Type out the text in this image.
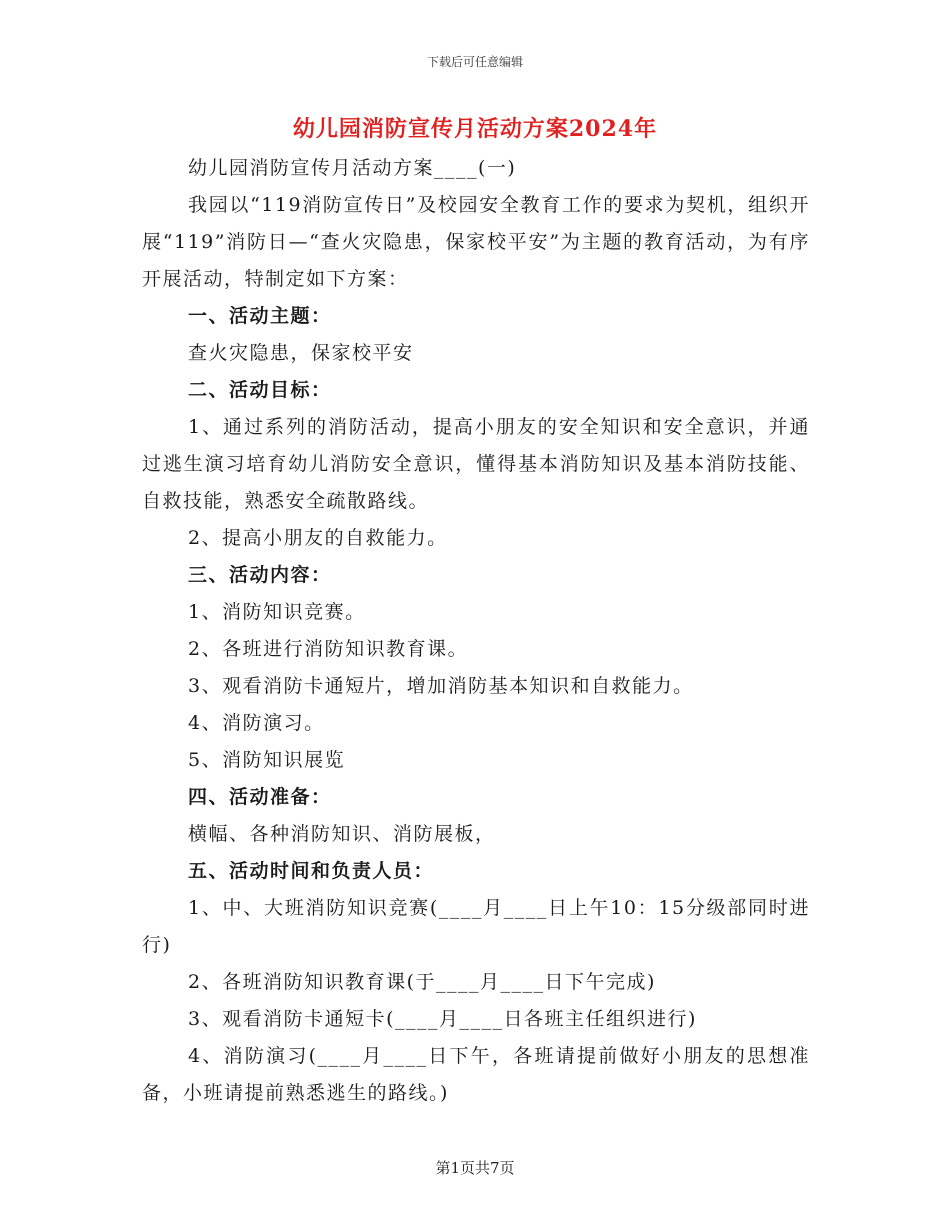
下载后可任意编辑
幼儿园消防宣传月活动方案2024年

幼儿园消防宣传月活动方案____(一)

我园以“119消防宣传日”及校园安全教育工作的要求为契机，组织开展“119”消防日—“查火灾隐患，保家校平安”为主题的教育活动，为有序开展活动，特制定如下方案：

一、活动主题：

查火灾隐患，保家校平安

二、活动目标：

1、通过系列的消防活动，提高小朋友的安全知识和安全意识，并通过逃生演习培育幼儿消防安全意识，懂得基本消防知识及基本消防技能、自救技能，熟悉安全疏散路线。

2、提高小朋友的自救能力。

三、活动内容：

1、消防知识竞赛。

2、各班进行消防知识教育课。

3、观看消防卡通短片，增加消防基本知识和自救能力。

4、消防演习。

5、消防知识展览

四、活动准备：

横幅、各种消防知识、消防展板，

五、活动时间和负责人员：

1、中、大班消防知识竞赛(____月____日上午10：15分级部同时进行)

2、各班消防知识教育课(于____月____日下午完成)

3、观看消防卡通短卡(____月____日各班主任组织进行)

4、消防演习(____月____日下午，各班请提前做好小朋友的思想准备，小班请提前熟悉逃生的路线。)

第1页共7页
